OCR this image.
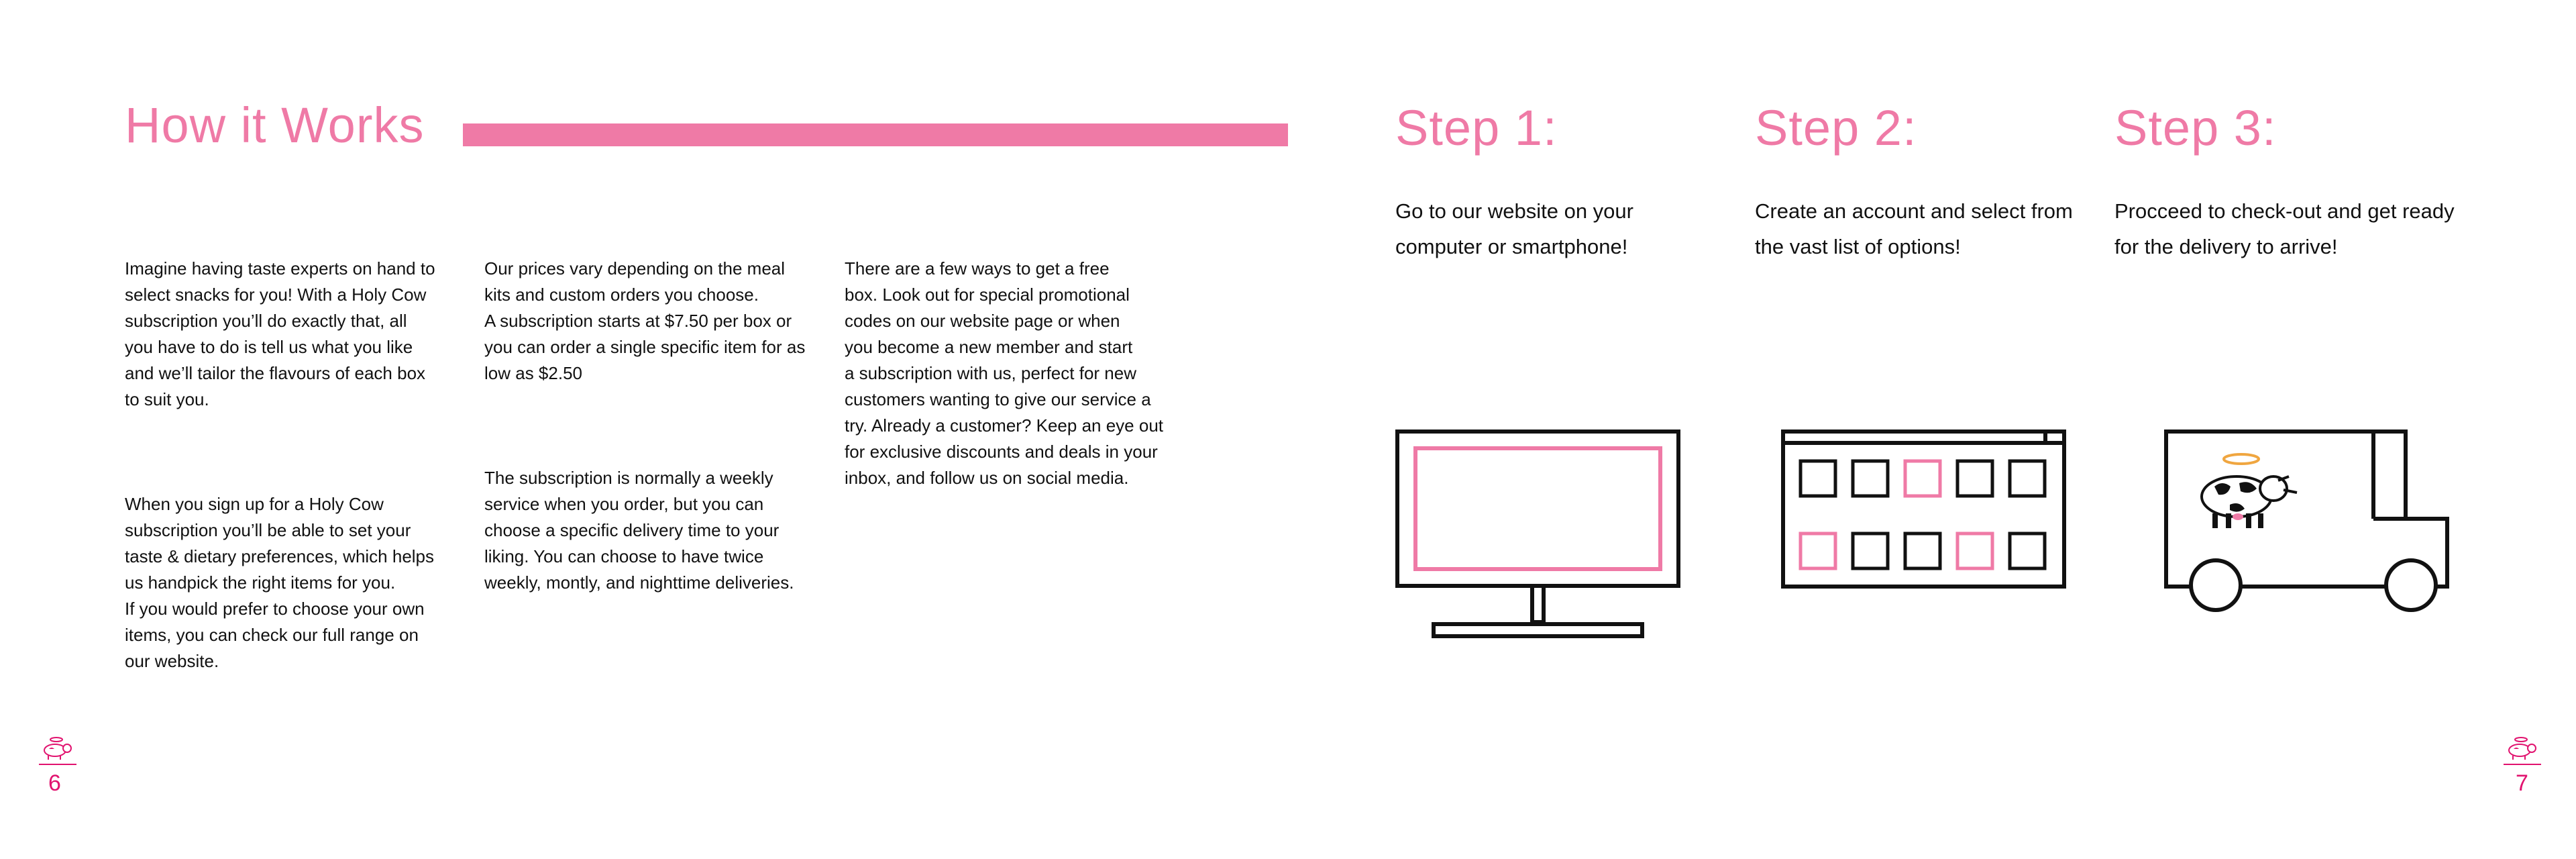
How it Works

Imagine having taste experts on hand to
select snacks for you! With a Holy Cow
subscription you’ll do exactly that, all
you have to do is tell us what you like
and we’ll tailor the flavours of each box
to suit you.

When you sign up for a Holy Cow
subscription you’ll be able to set your
taste & dietary preferences, which helps
us handpick the right items for you.
If you would prefer to choose your own
items, you can check our full range on
our website.

Our prices vary depending on the meal
kits and custom orders you choose.
A subscription starts at $7.50 per box or
you can order a single specific item for as
low as $2.50

The subscription is normally a weekly
service when you order, but you can
choose a specific delivery time to your
liking. You can choose to have twice
weekly, montly, and nighttime deliveries.

There are a few ways to get a free
box. Look out for special promotional
codes on our website page or when
you become a new member and start
a subscription with us, perfect for new
customers wanting to give our service a
try. Already a customer? Keep an eye out
for exclusive discounts and deals in your
inbox, and follow us on social media.

Step 1:
Go to our website on your
computer or smartphone!
Step 2:
Create an account and select from
the vast list of options!
Step 3:
Procceed to check-out and get ready
for the delivery to arrive!
6	7
